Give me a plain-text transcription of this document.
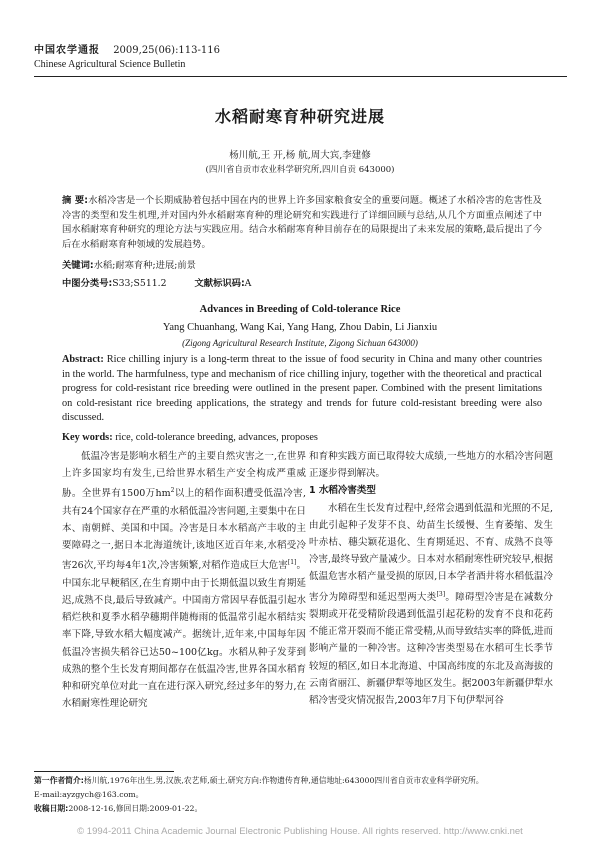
中国农学通报 2009,25(06):113-116
Chinese Agricultural Science Bulletin
水稻耐寒育种研究进展
杨川航,王 开,杨 航,周大宾,李建修
(四川省自贡市农业科学研究所,四川自贡 643000)
摘 要:水稻冷害是一个长期威胁着包括中国在内的世界上许多国家粮食安全的重要问题。概述了水稻冷害的危害性及冷害的类型和发生机理,并对国内外水稻耐寒育种的理论研究和实践进行了详细回顾与总结,从几个方面重点阐述了中国水稻耐寒育种研究的理论方法与实践应用。结合水稻耐寒育种目前存在的局限提出了未来发展的策略,最后提出了今后在水稻耐寒育种领域的发展趋势。
关键词:水稻;耐寒育种;进展;前景
中图分类号:S33;S511.2	文献标识码:A
Advances in Breeding of Cold-tolerance Rice
Yang Chuanhang, Wang Kai, Yang Hang, Zhou Dabin, Li Jianxiu
(Zigong Agricultural Research Institute, Zigong Sichuan 643000)
Abstract: Rice chilling injury is a long-term threat to the issue of food security in China and many other countries in the world. The harmfulness, type and mechanism of rice chilling injury, together with the theoretical and practical progress for cold-resistant rice breeding were outlined in the present paper. Combined with the present limitations on cold-resistant rice breeding applications, the strategy and trends for future cold-resistant breeding were also discussed.
Key words: rice, cold-tolerance breeding, advances, proposes

低温冷害是影响水稻生产的主要自然灾害之一,在世界上许多国家均有发生,已给世界水稻生产安全构成严重威胁。全世界有1500万$hm^2$以上的稻作面积遭受低温冷害,共有24个国家存在严重的水稻低温冷害问题,主要集中在日本、南朝鲜、美国和中国。冷害是日本水稻高产丰收的主要障碍之一,据日本北海道统计,该地区近百年来,水稻受冷害26次,平均每4年1次,冷害频繁,对稻作造成巨大危害[1]。中国东北早粳稻区,在生育期中由于长期低温以致生育期延迟,成熟不良,最后导致减产。中国南方常因早春低温引起水稻烂秧和夏季水稻孕穗期伴随梅雨的低温常引起水稻结实率下降,导致水稻大幅度减产。据统计,近年来,中国每年因低温冷害损失稻谷已达50~100亿kg。水稻从种子发芽到成熟的整个生长发育期间都存在低温冷害,世界各国水稻育种和研究单位对此一直在进行深入研究,经过多年的努力,在水稻耐寒性理论研究

和育种实践方面已取得较大成绩,一些地方的水稻冷害问题正逐步得到解决。

1 水稻冷害类型

水稻在生长发育过程中,经常会遇到低温和光照的不足,由此引起种子发芽不良、幼苗生长缓慢、生育萎缩、发生叶赤枯、穗尖颖花退化、生育期延迟、不育、成熟不良等冷害,最终导致产量减少。日本对水稻耐寒性研究较早,根据低温危害水稻产量受损的原因,日本学者酒井将水稻低温冷害分为障碍型和延迟型两大类[3]。障碍型冷害是在减数分裂期或开花受精阶段遇到低温引起花粉的发育不良和花药不能正常开裂而不能正常受精,从而导致结实率的降低,进而影响产量的一种冷害。这种冷害类型易在水稻可生长季节较短的稻区,如日本北海道、中国高纬度的东北及高海拔的云南省丽江、新疆伊犁等地区发生。据2003年新疆伊犁水稻冷害受灾情况报告,2003年7月下旬伊犁河谷

第一作者简介:杨川航,1976年出生,男,汉族,农艺师,硕士,研究方向:作物遗传育种,通信地址:643000四川省自贡市农业科学研究所。
E-mail:ayzgych@163.com。
收稿日期:2008-12-16,修回日期:2009-01-22。
© 1994-2011 China Academic Journal Electronic Publishing House. All rights reserved. http://www.cnki.net
